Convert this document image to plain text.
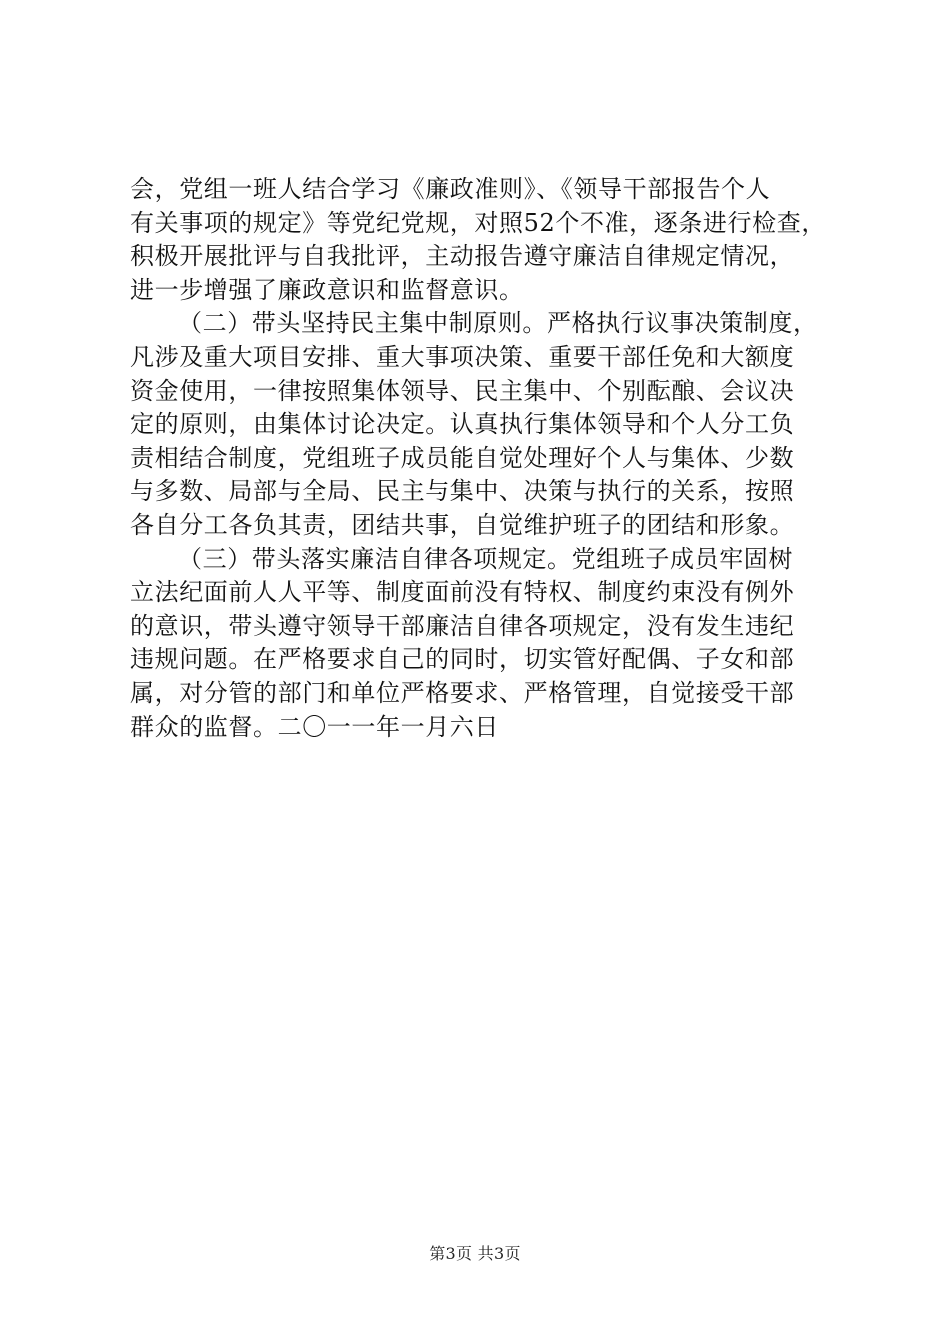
会，党组一班人结合学习《廉政准则》、《领导干部报告个人
有关事项的规定》等党纪党规，对照52个不准，逐条进行检查，
积极开展批评与自我批评，主动报告遵守廉洁自律规定情况，
进一步增强了廉政意识和监督意识。
（二）带头坚持民主集中制原则。严格执行议事决策制度，
凡涉及重大项目安排、重大事项决策、重要干部任免和大额度
资金使用，一律按照集体领导、民主集中、个别酝酿、会议决
定的原则，由集体讨论决定。认真执行集体领导和个人分工负
责相结合制度，党组班子成员能自觉处理好个人与集体、少数
与多数、局部与全局、民主与集中、决策与执行的关系，按照
各自分工各负其责，团结共事，自觉维护班子的团结和形象。
（三）带头落实廉洁自律各项规定。党组班子成员牢固树
立法纪面前人人平等、制度面前没有特权、制度约束没有例外
的意识，带头遵守领导干部廉洁自律各项规定，没有发生违纪
违规问题。在严格要求自己的同时，切实管好配偶、子女和部
属，对分管的部门和单位严格要求、严格管理，自觉接受干部
群众的监督。二〇一一年一月六日
第3页 共3页
